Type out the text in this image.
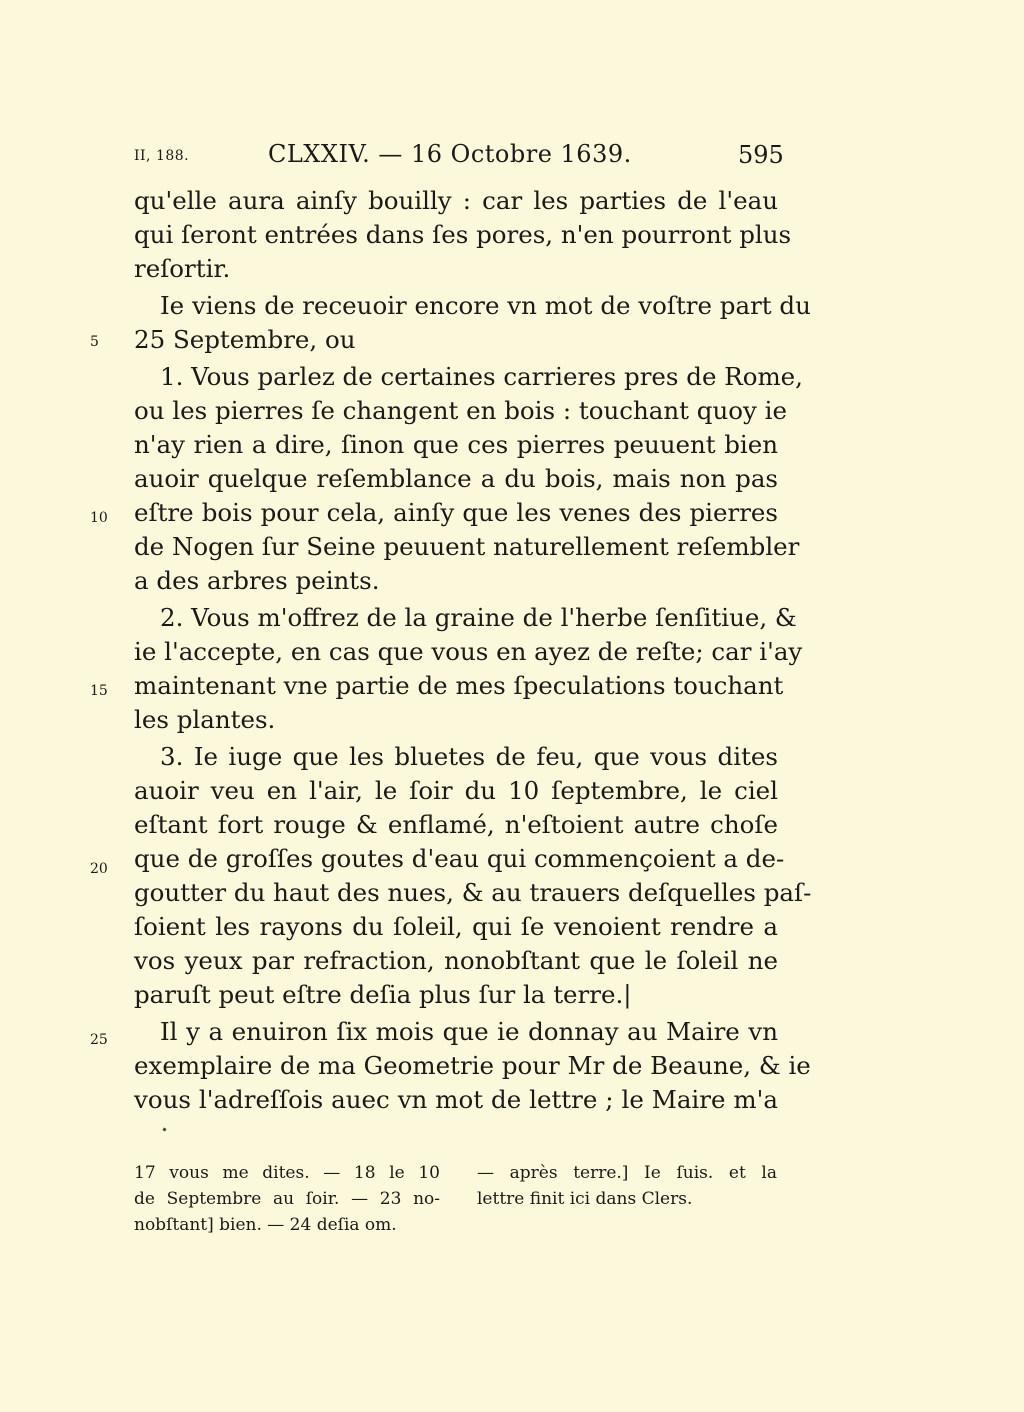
II, 188.	CLXXIV. — 16 Octobre 1639.	595
qu'elle aura ainſy bouilly : car les parties de l'eau
qui ſeront entrées dans ſes pores, n'en pourront plus
reſortir.
Ie viens de receuoir encore vn mot de voſtre part du
25 Septembre, ou
1. Vous parlez de certaines carrieres pres de Rome,
ou les pierres ſe changent en bois : touchant quoy ie
n'ay rien a dire, ſinon que ces pierres peuuent bien
auoir quelque reſemblance a du bois, mais non pas
eſtre bois pour cela, ainſy que les venes des pierres
de Nogen ſur Seine peuuent naturellement reſembler
a des arbres peints.
2. Vous m'offrez de la graine de l'herbe ſenſitiue, &
ie l'accepte, en cas que vous en ayez de reſte; car i'ay
maintenant vne partie de mes ſpeculations touchant
les plantes.
3. Ie iuge que les bluetes de feu, que vous dites
auoir veu en l'air, le ſoir du 10 ſeptembre, le ciel
eſtant fort rouge & enflamé, n'eſtoient autre choſe
que de groſſes goutes d'eau qui commençoient a de-
goutter du haut des nues, & au trauers deſquelles paſ-
ſoient les rayons du ſoleil, qui ſe venoient rendre a
vos yeux par refraction, nonobſtant que le ſoleil ne
paruſt peut eſtre deſia plus ſur la terre.|
Il y a enuiron ſix mois que ie donnay au Maire vn
exemplaire de ma Geometrie pour Mr de Beaune, & ie
vous l'adreſſois auec vn mot de lettre ; le Maire m'a
5
10
15
20
25
17 vous me dites. — 18 le 10
de Septembre au ſoir. — 23 no-
nobſtant] bien. — 24 deſia om.
— après terre.] Ie ſuis. et la
lettre finit ici dans Clers.
